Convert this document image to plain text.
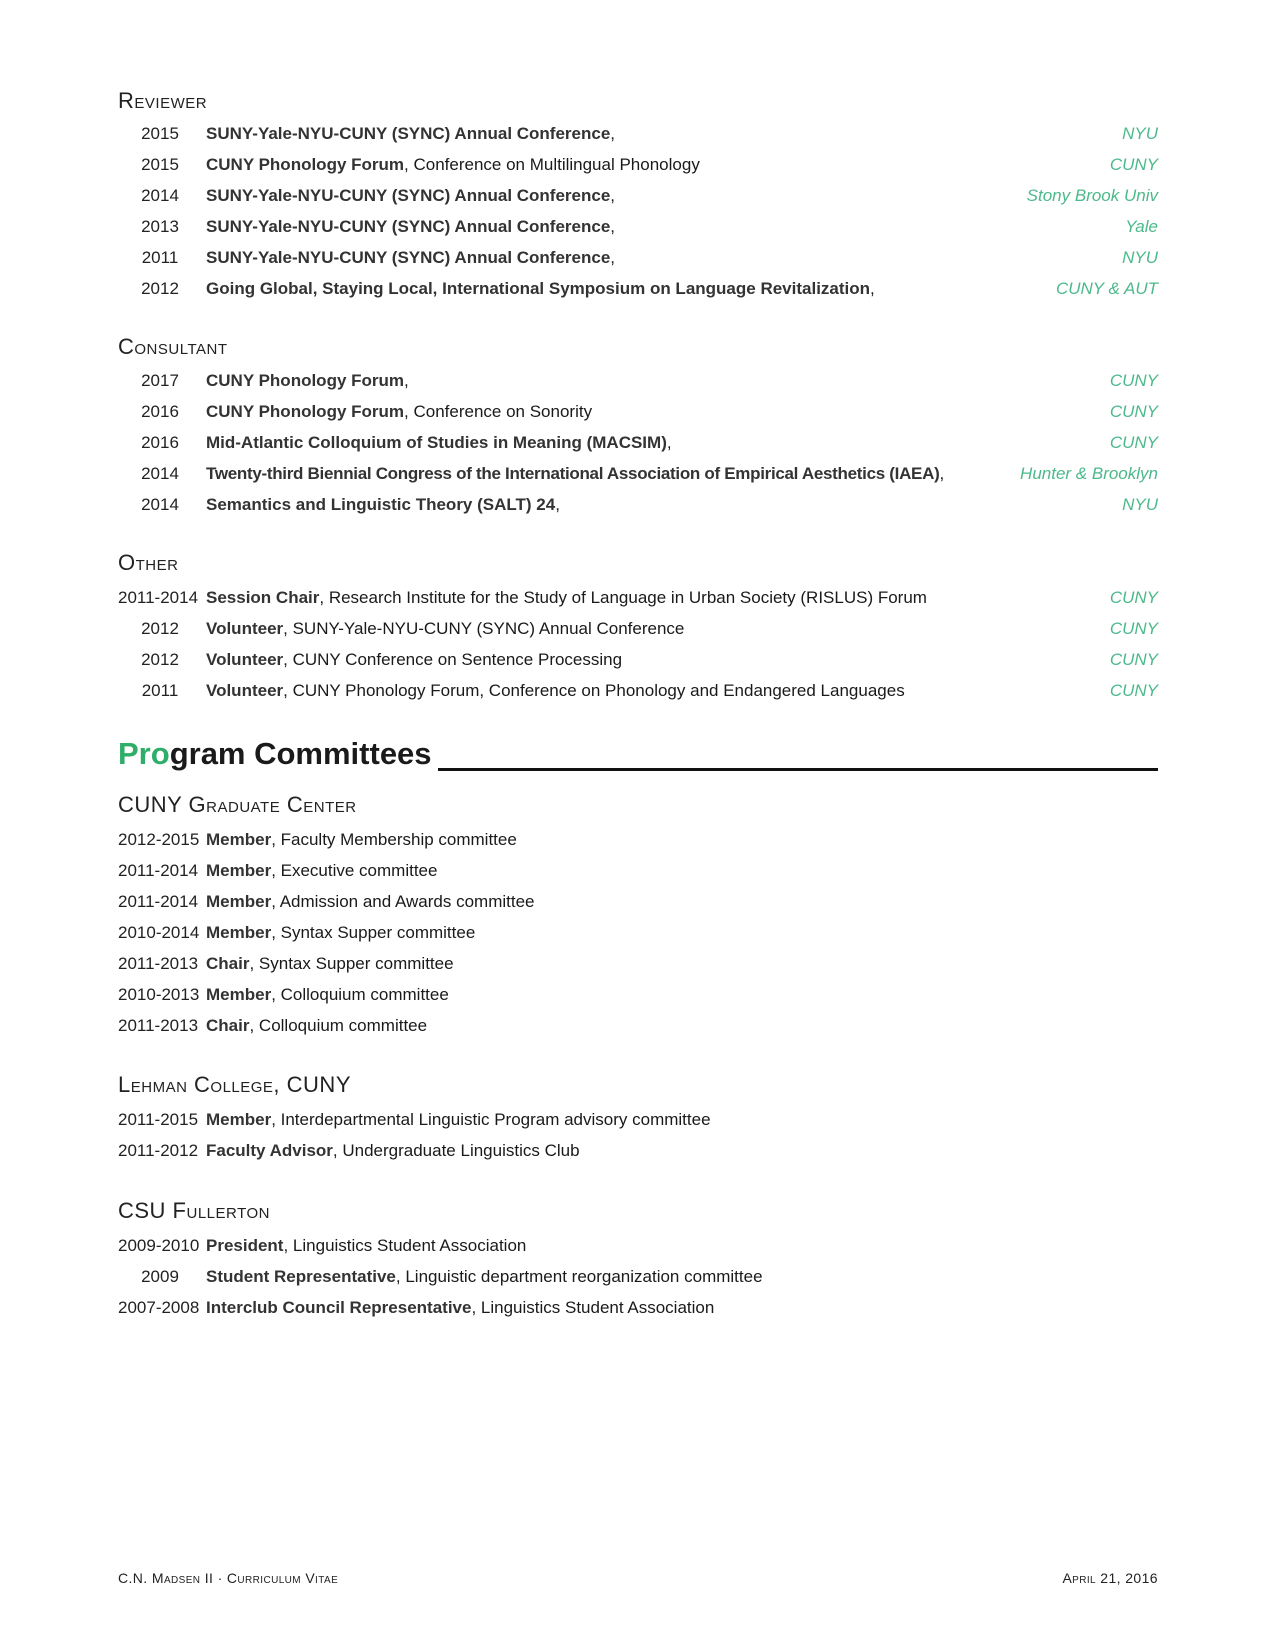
Reviewer
2015	SUNY-Yale-NYU-CUNY (SYNC) Annual Conference,	NYU
2015	CUNY Phonology Forum, Conference on Multilingual Phonology	CUNY
2014	SUNY-Yale-NYU-CUNY (SYNC) Annual Conference,	Stony Brook Univ
2013	SUNY-Yale-NYU-CUNY (SYNC) Annual Conference,	Yale
2011	SUNY-Yale-NYU-CUNY (SYNC) Annual Conference,	NYU
2012	Going Global, Staying Local, International Symposium on Language Revitalization,	CUNY & AUT
Consultant
2017	CUNY Phonology Forum,	CUNY
2016	CUNY Phonology Forum, Conference on Sonority	CUNY
2016	Mid-Atlantic Colloquium of Studies in Meaning (MACSIM),	CUNY
2014	Twenty-third Biennial Congress of the International Association of Empirical Aesthetics (IAEA),	Hunter & Brooklyn
2014	Semantics and Linguistic Theory (SALT) 24,	NYU
Other
2011-2014 Session Chair, Research Institute for the Study of Language in Urban Society (RISLUS) Forum	CUNY
2012	Volunteer, SUNY-Yale-NYU-CUNY (SYNC) Annual Conference	CUNY
2012	Volunteer, CUNY Conference on Sentence Processing	CUNY
2011	Volunteer, CUNY Phonology Forum, Conference on Phonology and Endangered Languages	CUNY
Program Committees
CUNY Graduate Center
2012-2015 Member, Faculty Membership committee
2011-2014 Member, Executive committee
2011-2014 Member, Admission and Awards committee
2010-2014 Member, Syntax Supper committee
2011-2013 Chair, Syntax Supper committee
2010-2013 Member, Colloquium committee
2011-2013 Chair, Colloquium committee
Lehman College, CUNY
2011-2015 Member, Interdepartmental Linguistic Program advisory committee
2011-2012 Faculty Advisor, Undergraduate Linguistics Club
CSU Fullerton
2009-2010 President, Linguistics Student Association
2009	Student Representative, Linguistic department reorganization committee
2007-2008 Interclub Council Representative, Linguistics Student Association
C.N. Madsen II · Curriculum Vitae	April 21, 2016
